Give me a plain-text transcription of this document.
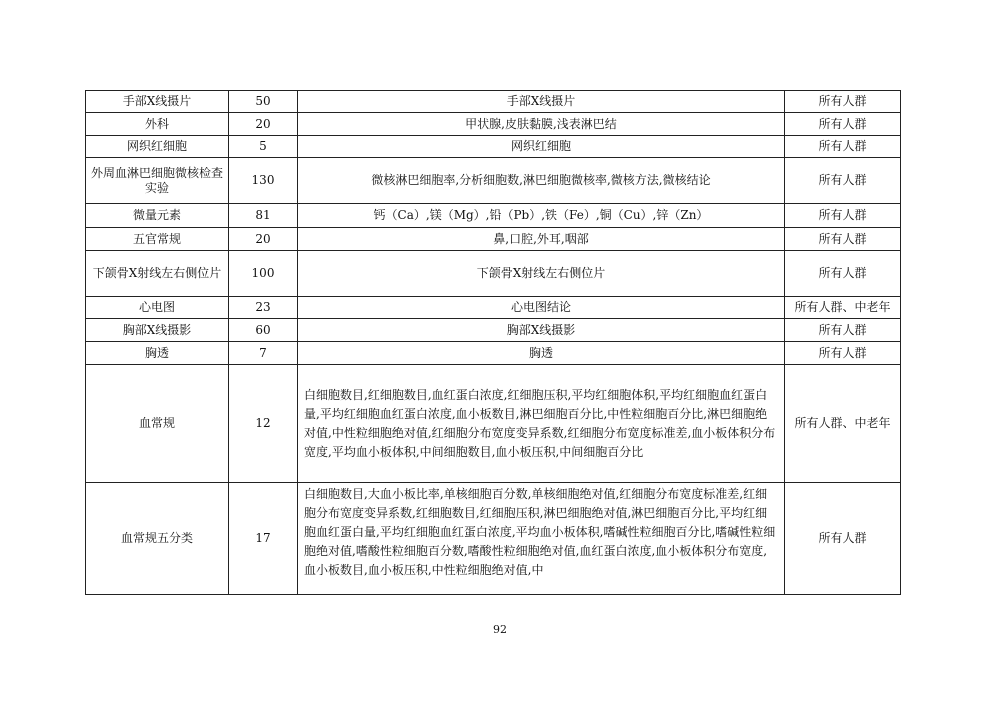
手部X线摄片	50	手部X线摄片	所有人群
外科	20	甲状腺,皮肤黏膜,浅表淋巴结	所有人群
网织红细胞	5	网织红细胞	所有人群
外周血淋巴细胞微核检查实验	130	微核淋巴细胞率,分析细胞数,淋巴细胞微核率,微核方法,微核结论	所有人群
微量元素	81	钙（Ca）,镁（Mg）,铅（Pb）,铁（Fe）,铜（Cu）,锌（Zn）	所有人群
五官常规	20	鼻,口腔,外耳,咽部	所有人群
下颌骨X射线左右侧位片	100	下颌骨X射线左右侧位片	所有人群
心电图	23	心电图结论	所有人群、中老年
胸部X线摄影	60	胸部X线摄影	所有人群
胸透	7	胸透	所有人群
血常规	12	白细胞数目,红细胞数目,血红蛋白浓度,红细胞压积,平均红细胞体积,平均红细胞血红蛋白量,平均红细胞血红蛋白浓度,血小板数目,淋巴细胞百分比,中性粒细胞百分比,淋巴细胞绝对值,中性粒细胞绝对值,红细胞分布宽度变异系数,红细胞分布宽度标准差,血小板体积分布宽度,平均血小板体积,中间细胞数目,血小板压积,中间细胞百分比	所有人群、中老年
血常规五分类	17	白细胞数目,大血小板比率,单核细胞百分数,单核细胞绝对值,红细胞分布宽度标准差,红细胞分布宽度变异系数,红细胞数目,红细胞压积,淋巴细胞绝对值,淋巴细胞百分比,平均红细胞血红蛋白量,平均红细胞血红蛋白浓度,平均血小板体积,嗜碱性粒细胞百分比,嗜碱性粒细胞绝对值,嗜酸性粒细胞百分数,嗜酸性粒细胞绝对值,血红蛋白浓度,血小板体积分布宽度,血小板数目,血小板压积,中性粒细胞绝对值,中	所有人群
92
